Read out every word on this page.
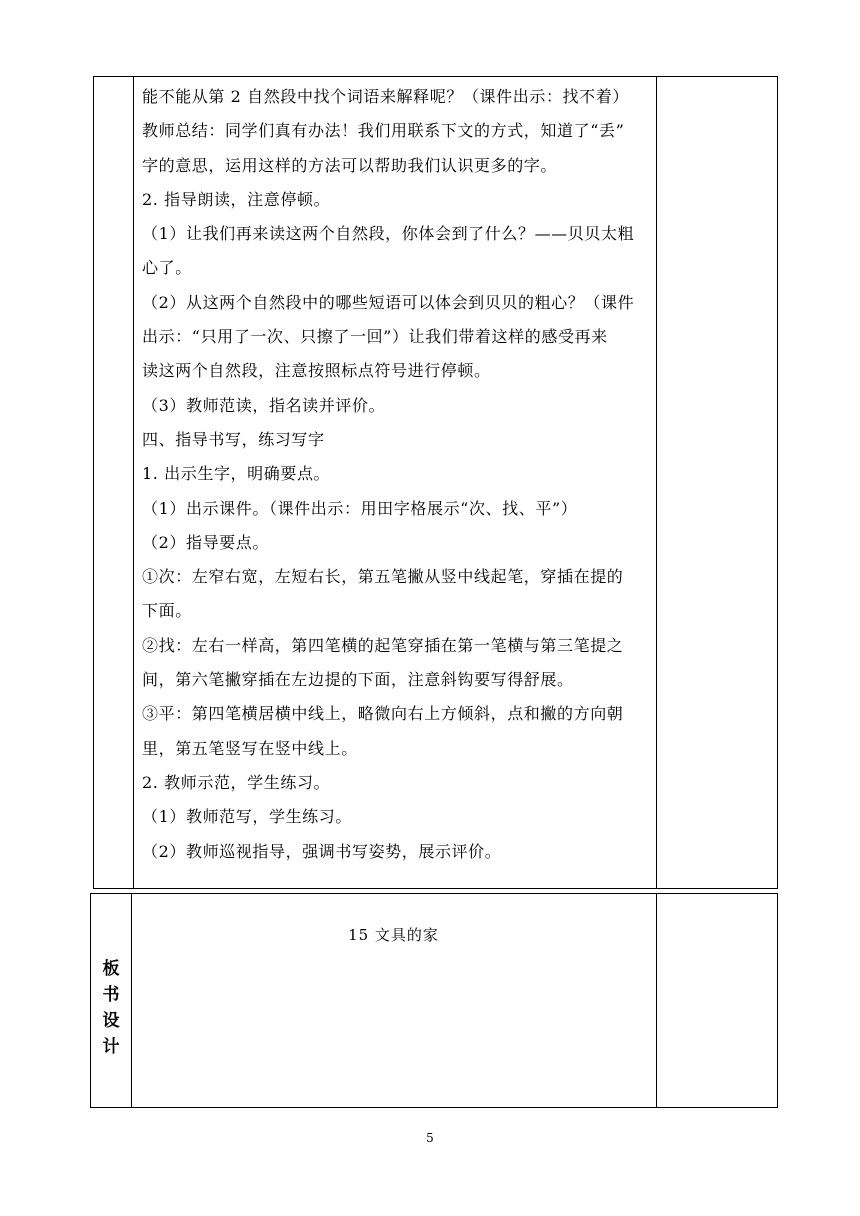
能不能从第 2 自然段中找个词语来解释呢？（课件出示：找不着）
教师总结：同学们真有办法！我们用联系下文的方式，知道了“丢”
字的意思，运用这样的方法可以帮助我们认识更多的字。
2. 指导朗读，注意停顿。
（1）让我们再来读这两个自然段，你体会到了什么？——贝贝太粗
心了。
（2）从这两个自然段中的哪些短语可以体会到贝贝的粗心？（课件
出示：“只用了一次、只擦了一回”）让我们带着这样的感受再来
读这两个自然段，注意按照标点符号进行停顿。
（3）教师范读，指名读并评价。
四、指导书写，练习写字
1. 出示生字，明确要点。
（1）出示课件。（课件出示：用田字格展示“次、找、平”）
（2）指导要点。
①次：左窄右宽，左短右长，第五笔撇从竖中线起笔，穿插在提的
下面。
②找：左右一样高，第四笔横的起笔穿插在第一笔横与第三笔提之
间，第六笔撇穿插在左边提的下面，注意斜钩要写得舒展。
③平：第四笔横居横中线上，略微向右上方倾斜，点和撇的方向朝
里，第五笔竖写在竖中线上。
2. 教师示范，学生练习。
（1）教师范写，学生练习。
（2）教师巡视指导，强调书写姿势，展示评价。
板
书
设
计
15 文具的家
5
